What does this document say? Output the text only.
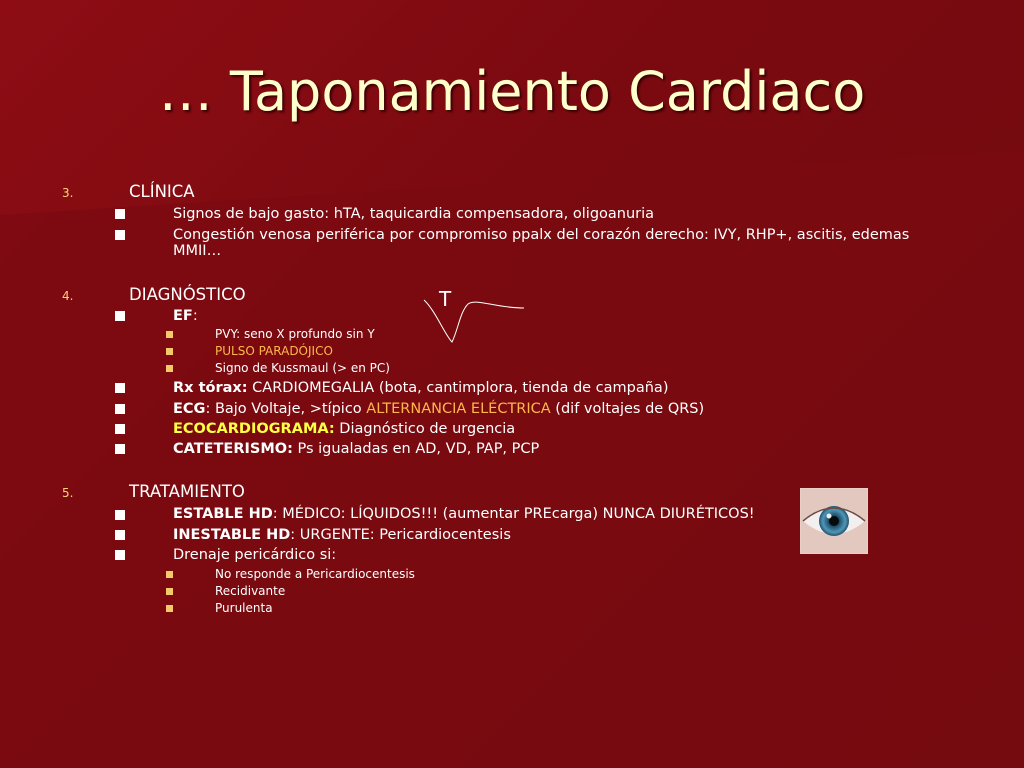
… Taponamiento Cardiaco
3.	CLÍNICA
Signos de bajo gasto: hTA, taquicardia compensadora, oligoanuria
Congestión venosa periférica por compromiso ppalx del corazón derecho: IVY, RHP+, ascitis, edemas
MMII…
4.	DIAGNÓSTICO
EF:
PVY: seno X profundo sin Y
PULSO PARADÓJICO
Signo de Kussmaul (> en PC)
Rx tórax: CARDIOMEGALIA (bota, cantimplora, tienda de campaña)
ECG: Bajo Voltaje, >típico ALTERNANCIA ELÉCTRICA (dif voltajes de QRS)
ECOCARDIOGRAMA: Diagnóstico de urgencia
CATETERISMO: Ps igualadas en AD, VD, PAP, PCP
T
5.	TRATAMIENTO
ESTABLE HD: MÉDICO: LÍQUIDOS!!! (aumentar PREcarga) NUNCA DIURÉTICOS!
INESTABLE HD: URGENTE: Pericardiocentesis
Drenaje pericárdico si:
No responde a Pericardiocentesis
Recidivante
Purulenta
